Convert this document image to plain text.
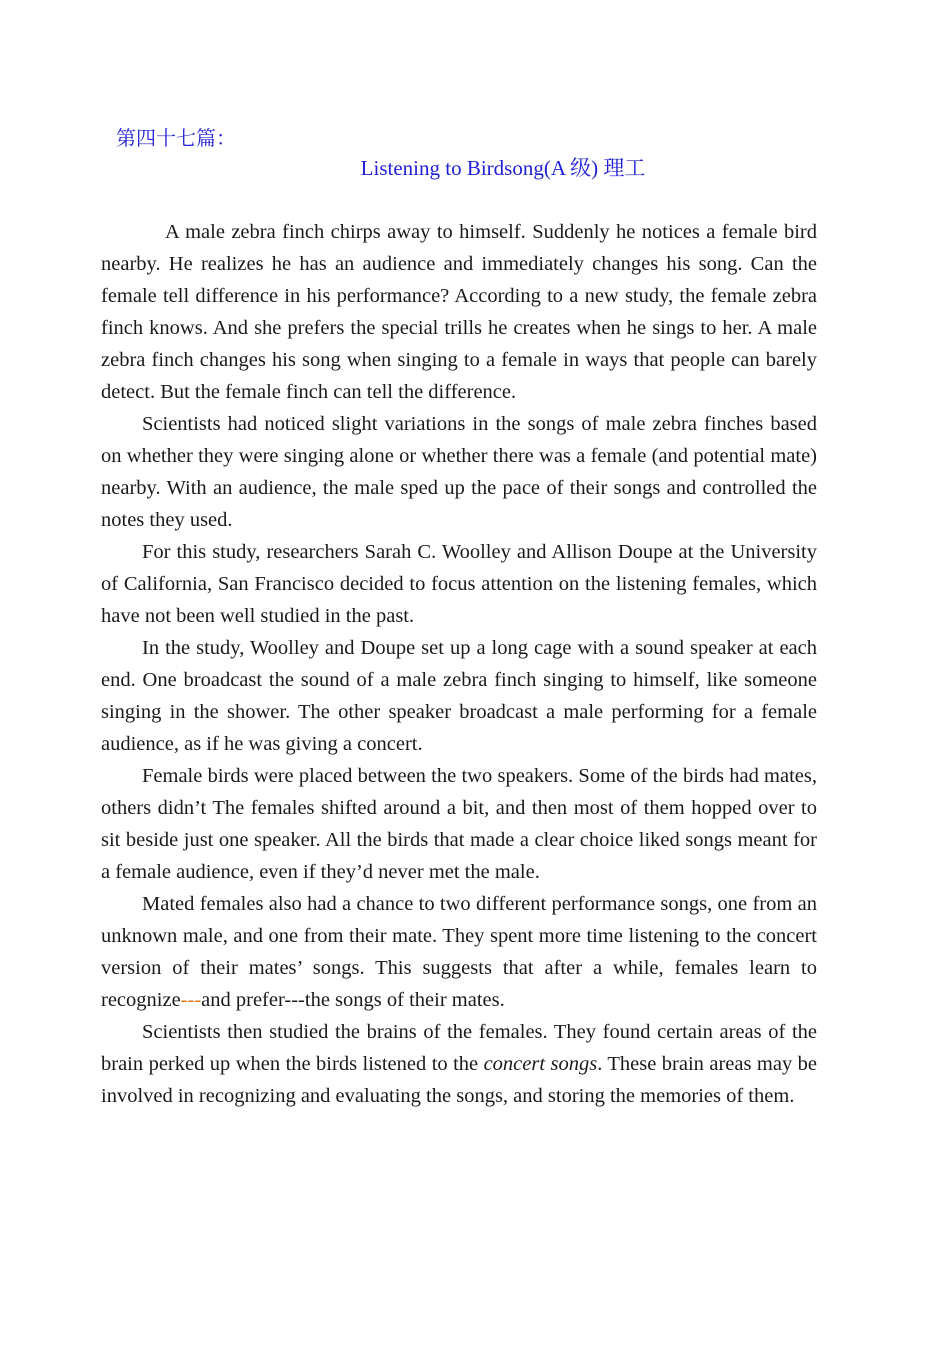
第四十七篇：
Listening to Birdsong(A 级) 理工

A male zebra finch chirps away to himself. Suddenly he notices a female bird nearby. He realizes he has an audience and immediately changes his song. Can the female tell difference in his performance? According to a new study, the female zebra finch knows. And she prefers the special trills he creates when he sings to her. A male zebra finch changes his song when singing to a female in ways that people can barely detect. But the female finch can tell the difference.

Scientists had noticed slight variations in the songs of male zebra finches based on whether they were singing alone or whether there was a female (and potential mate) nearby. With an audience, the male sped up the pace of their songs and controlled the notes they used.

For this study, researchers Sarah C. Woolley and Allison Doupe at the University of California, San Francisco decided to focus attention on the listening females, which have not been well studied in the past.

In the study, Woolley and Doupe set up a long cage with a sound speaker at each end. One broadcast the sound of a male zebra finch singing to himself, like someone singing in the shower. The other speaker broadcast a male performing for a female audience, as if he was giving a concert.

Female birds were placed between the two speakers. Some of the birds had mates, others didn’t The females shifted around a bit, and then most of them hopped over to sit beside just one speaker. All the birds that made a clear choice liked songs meant for a female audience, even if they’d never met the male.

Mated females also had a chance to two different performance songs, one from an unknown male, and one from their mate. They spent more time listening to the concert version of their mates’ songs. This suggests that after a while, females learn to recognize---and prefer---the songs of their mates.

Scientists then studied the brains of the females. They found certain areas of the brain perked up when the birds listened to the concert songs. These brain areas may be involved in recognizing and evaluating the songs, and storing the memories of them.
